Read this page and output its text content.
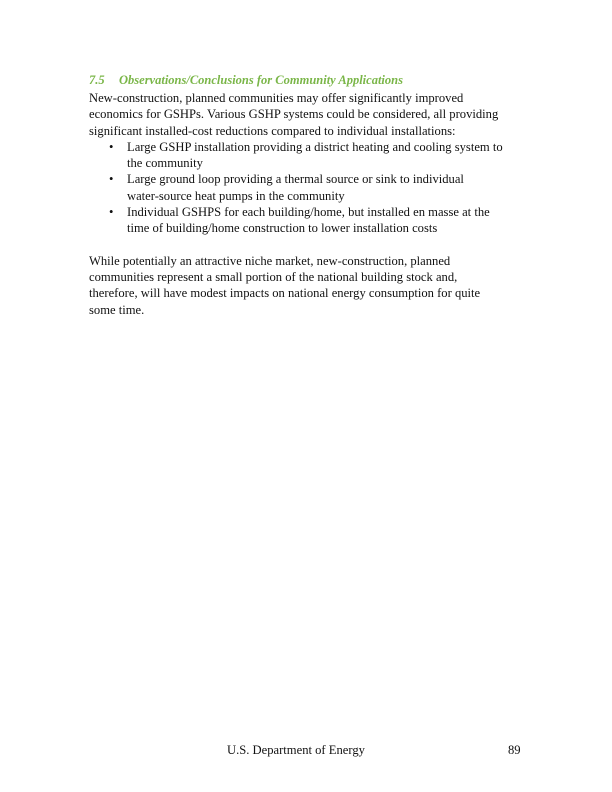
7.5 Observations/Conclusions for Community Applications
New-construction, planned communities may offer significantly improved
economics for GSHPs. Various GSHP systems could be considered, all providing
significant installed-cost reductions compared to individual installations:
• Large GSHP installation providing a district heating and cooling system to
the community
• Large ground loop providing a thermal source or sink to individual
water-source heat pumps in the community
• Individual GSHPS for each building/home, but installed en masse at the
time of building/home construction to lower installation costs
While potentially an attractive niche market, new-construction, planned
communities represent a small portion of the national building stock and,
therefore, will have modest impacts on national energy consumption for quite
some time.
U.S. Department of Energy	89
